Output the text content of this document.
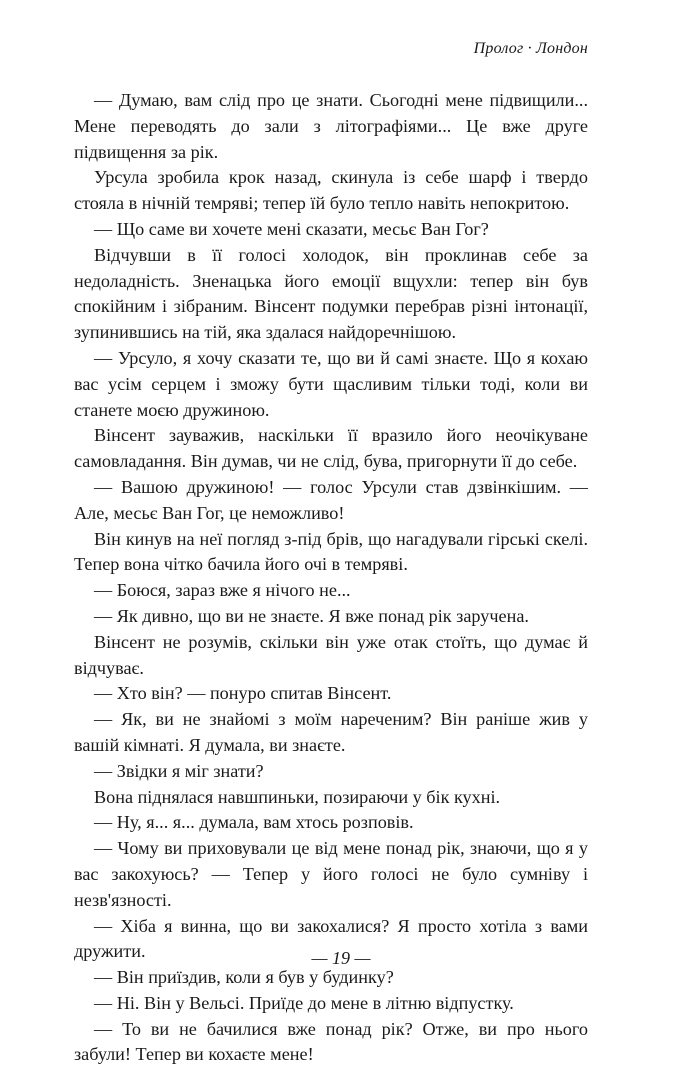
Пролог · Лондон

— Думаю, вам слід про це знати. Сьогодні мене підвищили... Мене переводять до зали з літографіями... Це вже друге підвищення за рік.

Урсула зробила крок назад, скинула із себе шарф і твердо стояла в нічній темряві; тепер їй було тепло навіть непокритою.

— Що саме ви хочете мені сказати, месьє Ван Гог?

Відчувши в її голосі холодок, він проклинав себе за недоладність. Зненацька його емоції вщухли: тепер він був спокійним і зібраним. Вінсент подумки перебрав різні інтонації, зупинившись на тій, яка здалася найдоречнішою.

— Урсуло, я хочу сказати те, що ви й самі знаєте. Що я кохаю вас усім серцем і зможу бути щасливим тільки тоді, коли ви станете моєю дружиною.

Вінсент зауважив, наскільки її вразило його неочікуване самовладання. Він думав, чи не слід, бува, пригорнути її до себе.

— Вашою дружиною! — голос Урсули став дзвінкішим. — Але, месьє Ван Гог, це неможливо!

Він кинув на неї погляд з-під брів, що нагадували гірські скелі. Тепер вона чітко бачила його очі в темряві.

— Боюся, зараз вже я нічого не...

— Як дивно, що ви не знаєте. Я вже понад рік заручена.

Вінсент не розумів, скільки він уже отак стоїть, що думає й відчуває.

— Хто він? — понуро спитав Вінсент.

— Як, ви не знайомі з моїм нареченим? Він раніше жив у вашій кімнаті. Я думала, ви знаєте.

— Звідки я міг знати?

Вона піднялася навшпиньки, позираючи у бік кухні.

— Ну, я... я... думала, вам хтось розповів.

— Чому ви приховували це від мене понад рік, знаючи, що я у вас закохуюсь? — Тепер у його голосі не було сумніву і незв'язності.

— Хіба я винна, що ви закохалися? Я просто хотіла з вами дружити.

— Він приїздив, коли я був у будинку?

— Ні. Він у Вельсі. Приїде до мене в літню відпустку.

— То ви не бачилися вже понад рік? Отже, ви про нього забули! Тепер ви кохаєте мене!

— 19 —
